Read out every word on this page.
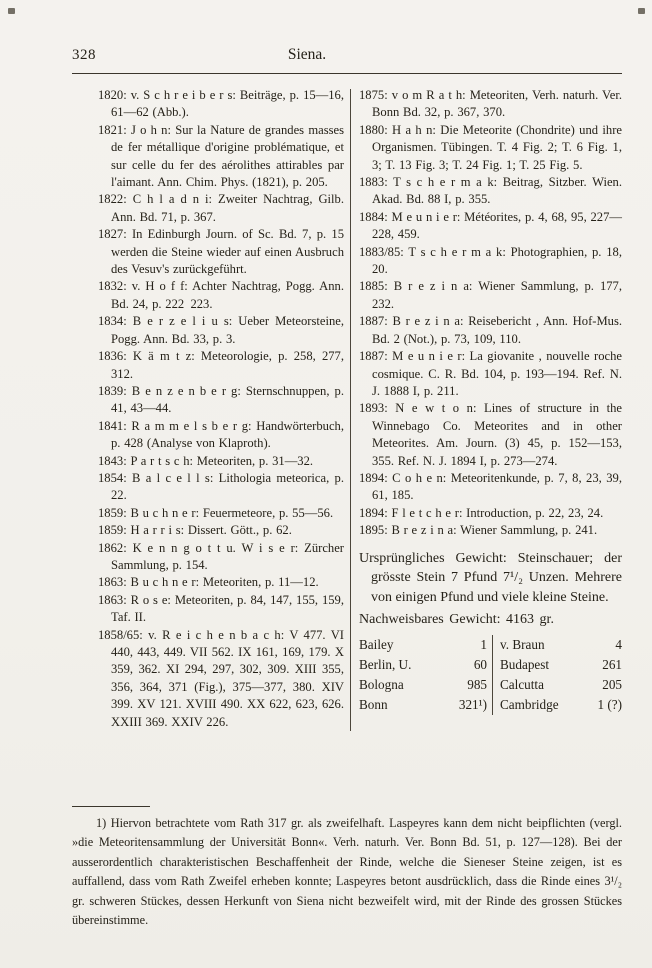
328	Siena.

1820: v. S c h r e i b e r s: Beiträge, p. 15—16, 61—62 (Abb.).

1821: J o h n: Sur la Nature de grandes masses de fer métallique d'origine problématique, et sur celle du fer des aérolithes attirables par l'aimant. Ann. Chim. Phys. (1821), p. 205.

1822: C h l a d n i: Zweiter Nachtrag, Gilb. Ann. Bd. 71, p. 367.

1827: In Edinburgh Journ. of Sc. Bd. 7, p. 15 werden die Steine wieder auf einen Ausbruch des Vesuv's zurückgeführt.

1832: v. H o f f: Achter Nachtrag, Pogg. Ann. Bd. 24, p. 222 223.

1834: B e r z e l i u s: Ueber Meteorsteine, Pogg. Ann. Bd. 33, p. 3.

1836: K ä m t z: Meteorologie, p. 258, 277, 312.

1839: B e n z e n b e r g: Sternschnuppen, p. 41, 43—44.

1841: R a m m e l s b e r g: Handwörterbuch, p. 428 (Analyse von Klaproth).

1843: P a r t s c h: Meteoriten, p. 31—32.

1854: B a l c e l l s: Lithologia meteorica, p. 22.

1859: B u c h n e r: Feuermeteore, p. 55—56.

1859: H a r r i s: Dissert. Gött., p. 62.

1862: K e n n g o t t u. W i s e r: Zürcher Sammlung, p. 154.

1863: B u c h n e r: Meteoriten, p. 11—12.

1863: R o s e: Meteoriten, p. 84, 147, 155, 159, Taf. II.

1858/65: v. R e i c h e n b a c h: V 477. VI 440, 443, 449. VII 562. IX 161, 169, 179. X 359, 362. XI 294, 297, 302, 309. XIII 355, 356, 364, 371 (Fig.), 375—377, 380. XIV 399. XV 121. XVIII 490. XX 622, 623, 626. XXIII 369. XXIV 226.

1875: v o m R a t h: Meteoriten, Verh. naturh. Ver. Bonn Bd. 32, p. 367, 370.

1880: H a h n: Die Meteorite (Chondrite) und ihre Organismen. Tübingen. T. 4 Fig. 2; T. 6 Fig. 1, 3; T. 13 Fig. 3; T. 24 Fig. 1; T. 25 Fig. 5.

1883: T s c h e r m a k: Beitrag, Sitzber. Wien. Akad. Bd. 88 I, p. 355.

1884: M e u n i e r: Météorites, p. 4, 68, 95, 227—228, 459.

1883/85: T s c h e r m a k: Photographien, p. 18, 20.

1885: B r e z i n a: Wiener Sammlung, p. 177, 232.

1887: B r e z i n a: Reisebericht , Ann. Hof-Mus. Bd. 2 (Not.), p. 73, 109, 110.

1887: M e u n i e r: La giovanite , nouvelle roche cosmique. C. R. Bd. 104, p. 193—194. Ref. N. J. 1888 I, p. 211.

1893: N e w t o n: Lines of structure in the Winnebago Co. Meteorites and in other Meteorites. Am. Journ. (3) 45, p. 152—153, 355. Ref. N. J. 1894 I, p. 273—274.

1894: C o h e n: Meteoritenkunde, p. 7, 8, 23, 39, 61, 185.

1894: F l e t c h e r: Introduction, p. 22, 23, 24.

1895: B r e z i n a: Wiener Sammlung, p. 241.

Ursprüngliches Gewicht: Steinschauer; der grösste Stein 7 Pfund 7¹/₂ Unzen. Mehrere von einigen Pfund und viele kleine Steine.

Nachweisbares Gewicht: 4163 gr.

Bailey	1 v. Braun	4
Berlin, U.	60 Budapest	261
Bologna	985 Calcutta	205
Bonn	321¹) Cambridge	1 (?)

1) Hiervon betrachtete vom Rath 317 gr. als zweifelhaft. Laspeyres kann dem nicht beipflichten (vergl. »die Meteoritensammlung der Universität Bonn«. Verh. naturh. Ver. Bonn Bd. 51, p. 127—128). Bei der ausserordentlich charakteristischen Beschaffenheit der Rinde, welche die Sieneser Steine zeigen, ist es auffallend, dass vom Rath Zweifel erheben konnte; Laspeyres betont ausdrücklich, dass die Rinde eines 3¹/₂ gr. schweren Stückes, dessen Herkunft von Siena nicht bezweifelt wird, mit der Rinde des grossen Stückes übereinstimme.
